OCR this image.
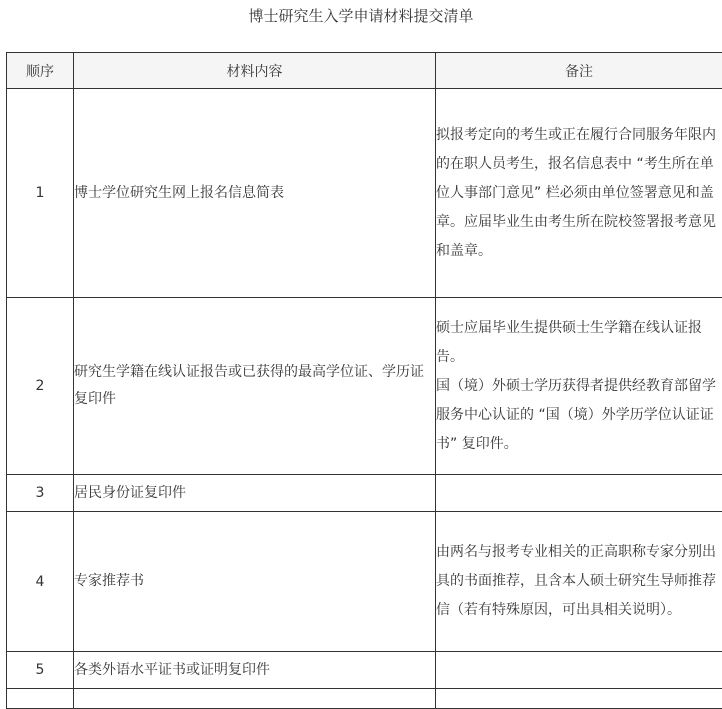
博士研究生入学申请材料提交清单
顺序	材料内容	备注
1	博士学位研究生网上报名信息简表	拟报考定向的考生或正在履行合同服务年限内的在职人员考生，报名信息表中 “考生所在单位人事部门意见” 栏必须由单位签署意见和盖章。应届毕业生由考生所在院校签署报考意见和盖章。

2	研究生学籍在线认证报告或已获得的最高学位证、学历证复印件	硕士应届毕业生提供硕士生学籍在线认证报告。
国（境）外硕士学历获得者提供经教育部留学服务中心认证的 “国（境）外学历学位认证证书” 复印件。

3	居民身份证复印件	
4	专家推荐书	由两名与报考专业相关的正高职称专家分别出具的书面推荐，且含本人硕士研究生导师推荐信（若有特殊原因，可出具相关说明）。

5	各类外语水平证书或证明复印件	
